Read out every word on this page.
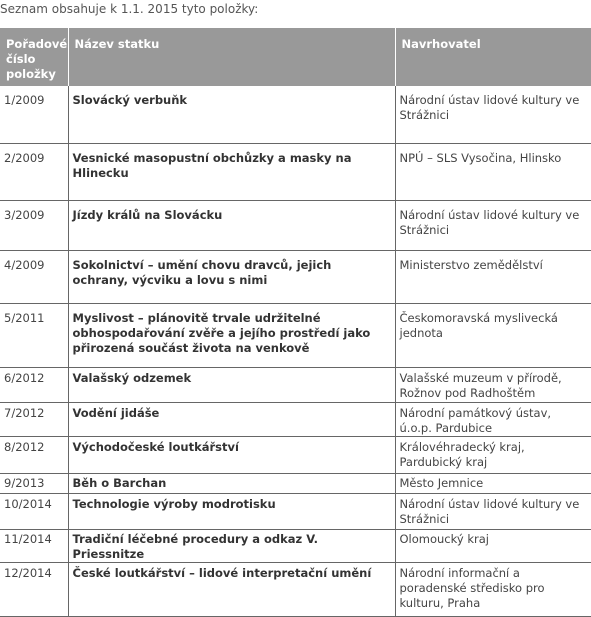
Seznam obsahuje k 1.1. 2015 tyto položky:
Pořadové číslo položky	Název statku	Navrhovatel
1/2009	Slovácký verbuňk	Národní ústav lidové kultury ve Strážnici
2/2009	Vesnické masopustní obchůzky a masky na Hlinecku	NPÚ – SLS Vysočina, Hlinsko
3/2009	Jízdy králů na Slovácku	Národní ústav lidové kultury ve Strážnici
4/2009	Sokolnictví – umění chovu dravců, jejich ochrany, výcviku a lovu s nimi	Ministerstvo zemědělství
5/2011	Myslivost – plánovitě trvale udržitelné obhospodařování zvěře a jejího prostředí jako přirozená součást života na venkově	Českomoravská myslivecká jednota
6/2012	Valašský odzemek	Valašské muzeum v přírodě, Rožnov pod Radhoštěm
7/2012	Vodění jidáše	Národní památkový ústav, ú.o.p. Pardubice
8/2012	Východočeské loutkářství	Královéhradecký kraj, Pardubický kraj
9/2013	Běh o Barchan	Město Jemnice
10/2014	Technologie výroby modrotisku	Národní ústav lidové kultury ve Strážnici
11/2014	Tradiční léčebné procedury a odkaz V. Priessnitze	Olomoucký kraj
12/2014	České loutkářství – lidové interpretační umění	Národní informační a poradenské středisko pro kulturu, Praha
